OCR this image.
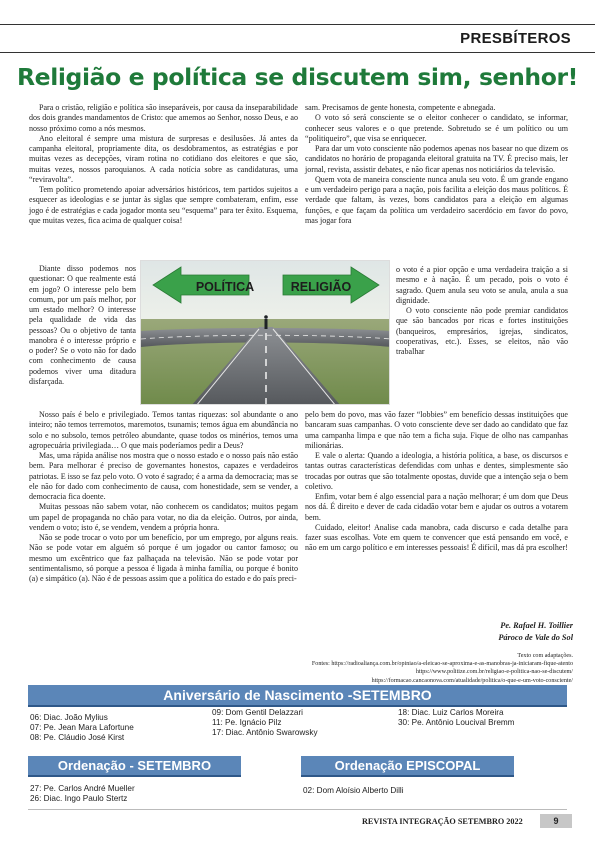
PRESBÍTEROS
Religião e política se discutem sim, senhor!

Para o cristão, religião e política são inseparáveis, por causa da inseparabilidade dos dois grandes mandamentos de Cristo: que amemos ao Senhor, nosso Deus, e ao nosso próximo como a nós mesmos.

Ano eleitoral é sempre uma mistura de surpresas e desilusões. Já antes da campanha eleitoral, propriamente dita, os desdobramentos, as estratégias e por muitas vezes as decepções, viram rotina no cotidiano dos eleitores e que são, muitas vezes, nossos paroquianos. A cada notícia sobre as candidaturas, uma “reviravolta”.

Tem político prometendo apoiar adversários históricos, tem partidos sujeitos a esquecer as ideologias e se juntar às siglas que sempre combateram, enfim, esse jogo é de estratégias e cada jogador monta seu “esquema” para ter êxito. Esquema, que muitas vezes, fica acima de qualquer coisa!

Diante disso podemos nos questionar: O que realmente está em jogo? O interesse pelo bem comum, por um país melhor, por um estado melhor? O interesse pela qualidade de vida das pessoas? Ou o objetivo de tanta manobra é o interesse próprio e o poder? Se o voto não for dado com conhecimento de causa podemos viver uma ditadura disfarçada.

Nosso país é belo e privilegiado. Temos tantas riquezas: sol abundante o ano inteiro; não temos terremotos, maremotos, tsunamis; temos água em abundância no solo e no subsolo, temos petróleo abundante, quase todos os minérios, temos uma agropecuária privilegiada… O que mais poderíamos pedir a Deus?

Mas, uma rápida análise nos mostra que o nosso estado e o nosso país não estão bem. Para melhorar é preciso de governantes honestos, capazes e verdadeiros patriotas. E isso se faz pelo voto. O voto é sagrado; é a arma da democracia; mas se ele não for dado com conhecimento de causa, com honestidade, sem se vender, a democracia fica doente.

Muitas pessoas não sabem votar, não conhecem os candidatos; muitos pegam um papel de propaganda no chão para votar, no dia da eleição. Outros, por ainda, vendem o voto; isto é, se vendem, vendem a própria honra.

Não se pode trocar o voto por um benefício, por um emprego, por alguns reais. Não se pode votar em alguém só porque é um jogador ou cantor famoso; ou mesmo um excêntrico que faz palhaçada na televisão. Não se pode votar por sentimentalismo, só porque a pessoa é ligada à minha família, ou porque é bonito (a) e simpático (a). Não é de pessoas assim que a política do estado e do país preci-

sam. Precisamos de gente honesta, competente e abnegada.

O voto só será consciente se o eleitor conhecer o candidato, se informar, conhecer seus valores e o que pretende. Sobretudo se é um político ou um “politiqueiro”, que visa se enriquecer.

Para dar um voto consciente não podemos apenas nos basear no que dizem os candidatos no horário de propaganda eleitoral gratuita na TV. É preciso mais, ler jornal, revista, assistir debates, e não ficar apenas nos noticiários da televisão.

Quem vota de maneira consciente nunca anula seu voto. É um grande engano e um verdadeiro perigo para a nação, pois facilita a eleição dos maus políticos. É verdade que faltam, às vezes, bons candidatos para a eleição em algumas funções, e que façam da política um verdadeiro sacerdócio em favor do povo, mas jogar fora

o voto é a pior opção e uma verdadeira traição a si mesmo e à nação. É um pecado, pois o voto é sagrado. Quem anula seu voto se anula, anula a sua dignidade.

O voto consciente não pode premiar candidatos que são bancados por ricas e fortes instituições (banqueiros, empresários, igrejas, sindicatos, cooperativas, etc.). Esses, se eleitos, não vão trabalhar

pelo bem do povo, mas vão fazer “lobbies” em benefício dessas instituições que bancaram suas campanhas. O voto consciente deve ser dado ao candidato que faz uma campanha limpa e que não tem a ficha suja. Fique de olho nas campanhas milionárias.

E vale o alerta: Quando a ideologia, a história política, a base, os discursos e tantas outras características defendidas com unhas e dentes, simplesmente são trocadas por outras que são totalmente opostas, duvide que a intenção seja o bem coletivo.

Enfim, votar bem é algo essencial para a nação melhorar; é um dom que Deus nos dá. É direito e dever de cada cidadão votar bem e ajudar os outros a votarem bem.

Cuidado, eleitor! Analise cada manobra, cada discurso e cada detalhe para fazer suas escolhas. Vote em quem te convencer que está pensando em você, e não em um cargo político e em interesses pessoais! É difícil, mas dá pra escolher!

POLÍTICA	RELIGIÃO
Pe. Rafael H. Toillier
Pároco de Vale do Sol
Texto com adaptações.
Fontes: https://radioaliança.com.br/opiniao/a-eleicao-se-aproxima-e-as-manobras-ja-iniciaram-fique-atento
https://www.politize.com.br/religiao-e-politica-nao-se-discutem/
https://formacao.cancaonova.com/atualidade/politica/o-que-e-um-voto-consciente/
Aniversário de Nascimento -SETEMBRO
06: Diac. João Mylius
07: Pe. Jean Mara Lafortune
08: Pe. Cláudio José Kirst
09: Dom Gentil Delazzari
11: Pe. Ignácio Pilz
17: Diac. Antônio Swarowsky
18: Diac. Luiz Carlos Moreira
30: Pe. Antônio Loucival Bremm
Ordenação - SETEMBRO
27: Pe. Carlos André Mueller
26: Diac. Ingo Paulo Stertz
Ordenação EPISCOPAL
02: Dom Aloísio Alberto Dilli
REVISTA INTEGRAÇÃO SETEMBRO 2022	9
